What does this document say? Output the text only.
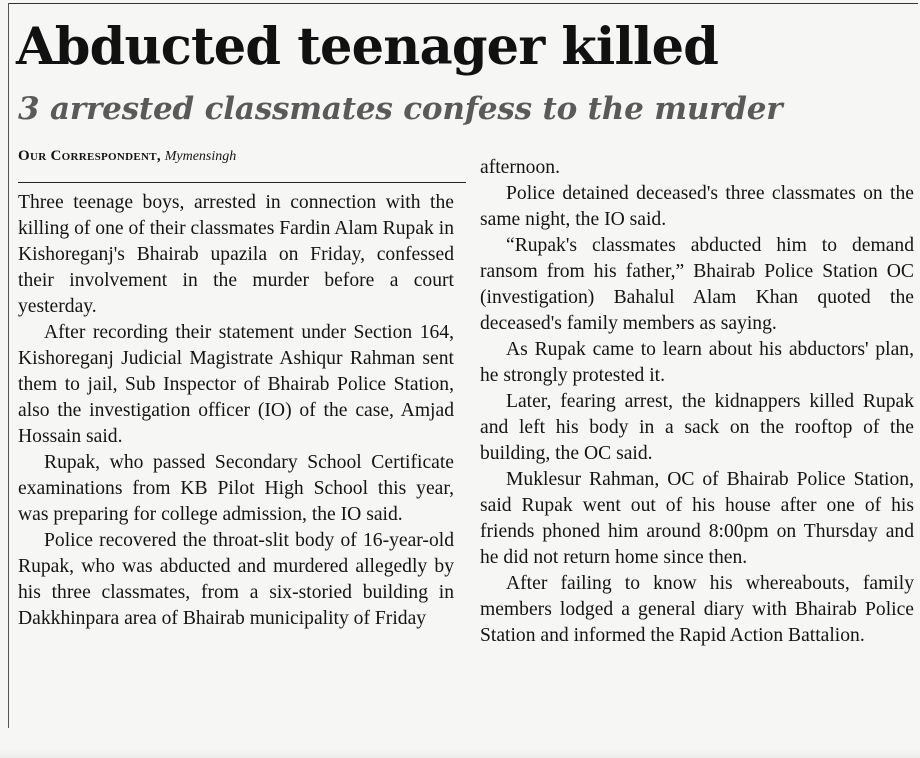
Abducted teenager killed
3 arrested classmates confess to the murder
Our Correspondent, Mymensingh

Three teenage boys, arrested in connection with the killing of one of their classmates Fardin Alam Rupak in Kishoreganj's Bhairab upazila on Friday, confessed their involvement in the murder before a court yesterday.

After recording their statement under Section 164, Kishoreganj Judicial Magistrate Ashiqur Rahman sent them to jail, Sub Inspector of Bhairab Police Station, also the investigation officer (IO) of the case, Amjad Hossain said.

Rupak, who passed Secondary School Certificate examinations from KB Pilot High School this year, was preparing for college admission, the IO said.

Police recovered the throat-slit body of 16-year-old Rupak, who was abducted and murdered allegedly by his three classmates, from a six-storied building in Dakkhinpara area of Bhairab municipality of Friday

afternoon.

Police detained deceased's three classmates on the same night, the IO said.

“Rupak's classmates abducted him to demand ransom from his father,” Bhairab Police Station OC (investigation) Bahalul Alam Khan quoted the deceased's family members as saying.

As Rupak came to learn about his abductors' plan, he strongly protested it.

Later, fearing arrest, the kidnappers killed Rupak and left his body in a sack on the rooftop of the building, the OC said.

Muklesur Rahman, OC of Bhairab Police Station, said Rupak went out of his house after one of his friends phoned him around 8:00pm on Thursday and he did not return home since then.

After failing to know his whereabouts, family members lodged a general diary with Bhairab Police Station and informed the Rapid Action Battalion.
